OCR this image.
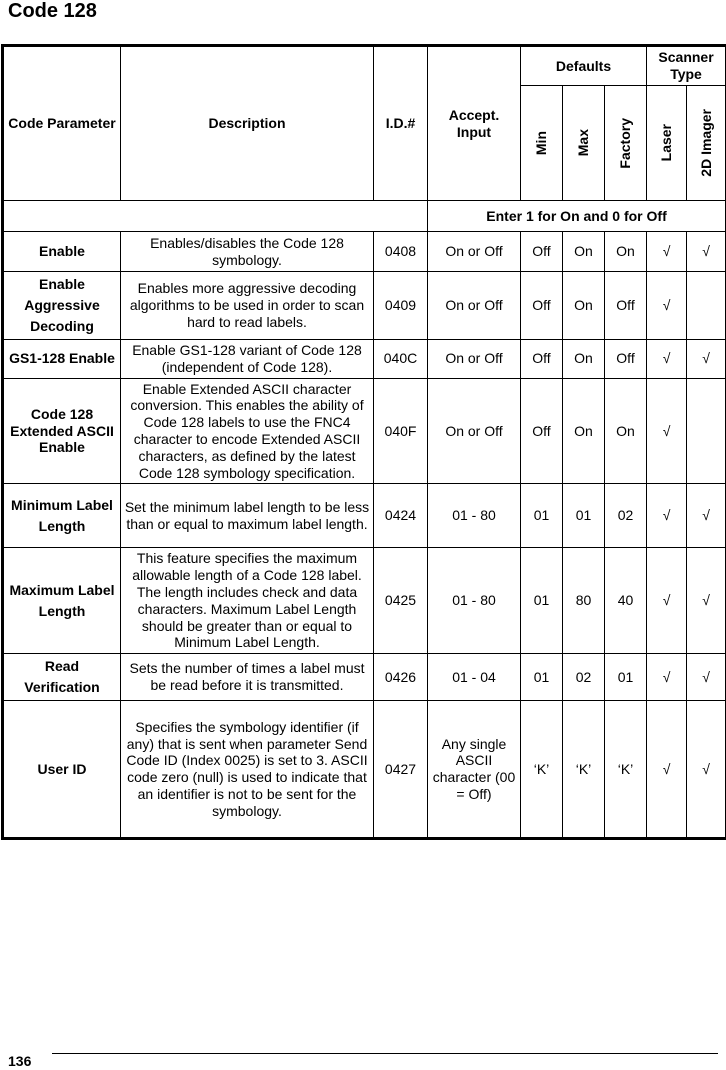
Code 128
Code Parameter	Description	I.D.#	Accept. Input	Defaults			Scanner Type	

				Min	Max	Factory	Laser	2D Imager

			Enter 1 for On and 0 for Off					
Enable	Enables/disables the Code 128 symbology.	0408	On or Off	Off	On	On	√	√
Enable Aggressive Decoding	Enables more aggressive decoding algorithms to be used in order to scan hard to read labels.	0409	On or Off	Off	On	Off	√	
GS1-128 Enable	Enable GS1-128 variant of Code 128 (independent of Code 128).	040C	On or Off	Off	On	Off	√	√
Code 128 Extended ASCII Enable	Enable Extended ASCII character conversion. This enables the ability of Code 128 labels to use the FNC4 character to encode Extended ASCII characters, as defined by the latest Code 128 symbology specification.	040F	On or Off	Off	On	On	√	
Minimum Label Length	Set the minimum label length to be less than or equal to maximum label length.	0424	01 - 80	01	01	02	√	√
Maximum Label Length	This feature specifies the maximum allowable length of a Code 128 label. The length includes check and data characters. Maximum Label Length should be greater than or equal to Minimum Label Length.	0425	01 - 80	01	80	40	√	√
Read Verification	Sets the number of times a label must be read before it is transmitted.	0426	01 - 04	01	02	01	√	√
User ID	Specifies the symbology identifier (if any) that is sent when parameter Send Code ID (Index 0025) is set to 3. ASCII code zero (null) is used to indicate that an identifier is not to be sent for the symbology.	0427	Any single ASCII character (00 = Off)	‘K’	‘K’	‘K’	√	√
136
